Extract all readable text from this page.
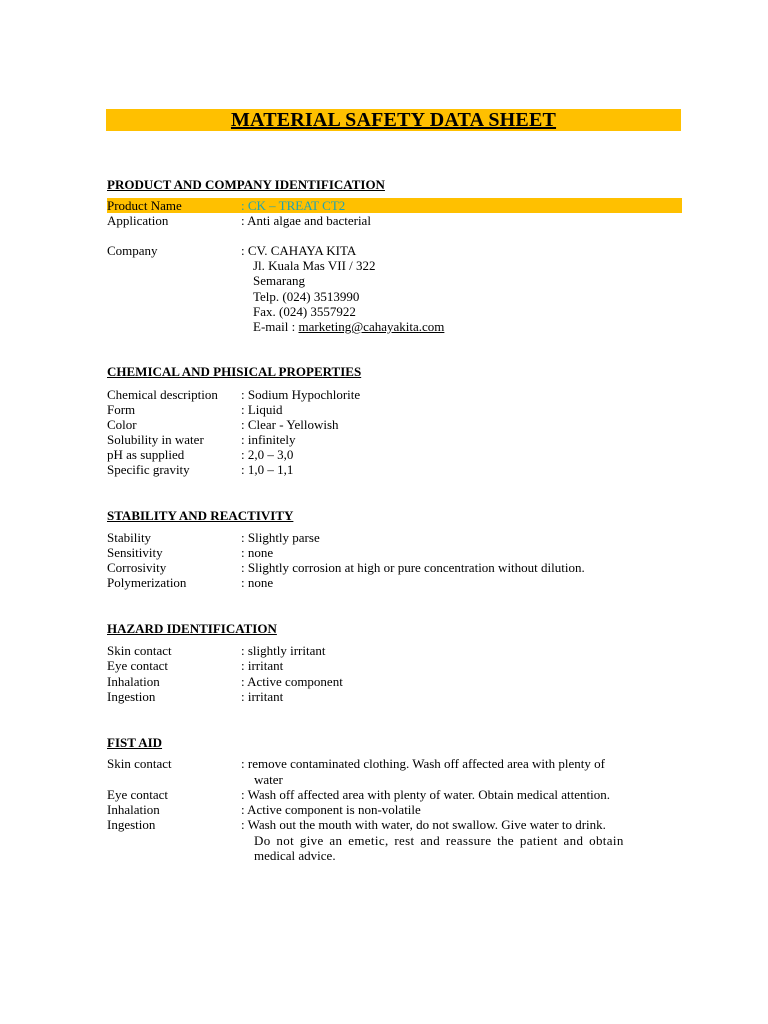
MATERIAL SAFETY DATA SHEET
PRODUCT AND COMPANY IDENTIFICATION
Product Name	: CK – TREAT CT2
Application	: Anti algae and bacterial
Company	: CV. CAHAYA KITA
Jl. Kuala Mas VII / 322
Semarang
Telp. (024) 3513990
Fax. (024) 3557922
E-mail : marketing@cahayakita.com
CHEMICAL AND PHISICAL PROPERTIES
Chemical description : Sodium Hypochlorite
Form	: Liquid
Color	: Clear - Yellowish
Solubility in water	: infinitely
pH as supplied	: 2,0 – 3,0
Specific gravity	: 1,0 – 1,1
STABILITY AND REACTIVITY
Stability	: Slightly parse
Sensitivity	: none
Corrosivity	: Slightly corrosion at high or pure concentration without dilution.
Polymerization	: none
HAZARD IDENTIFICATION
Skin contact	: slightly irritant
Eye contact	: irritant
Inhalation	: Active component
Ingestion	: irritant
FIST AID
Skin contact	: remove contaminated clothing. Wash off affected area with plenty of
water
Eye contact	: Wash off affected area with plenty of water. Obtain medical attention.
Inhalation	: Active component is non-volatile
Ingestion	: Wash out the mouth with water, do not swallow. Give water to drink.
Do not give an emetic, rest and reassure the patient and obtain
medical advice.
